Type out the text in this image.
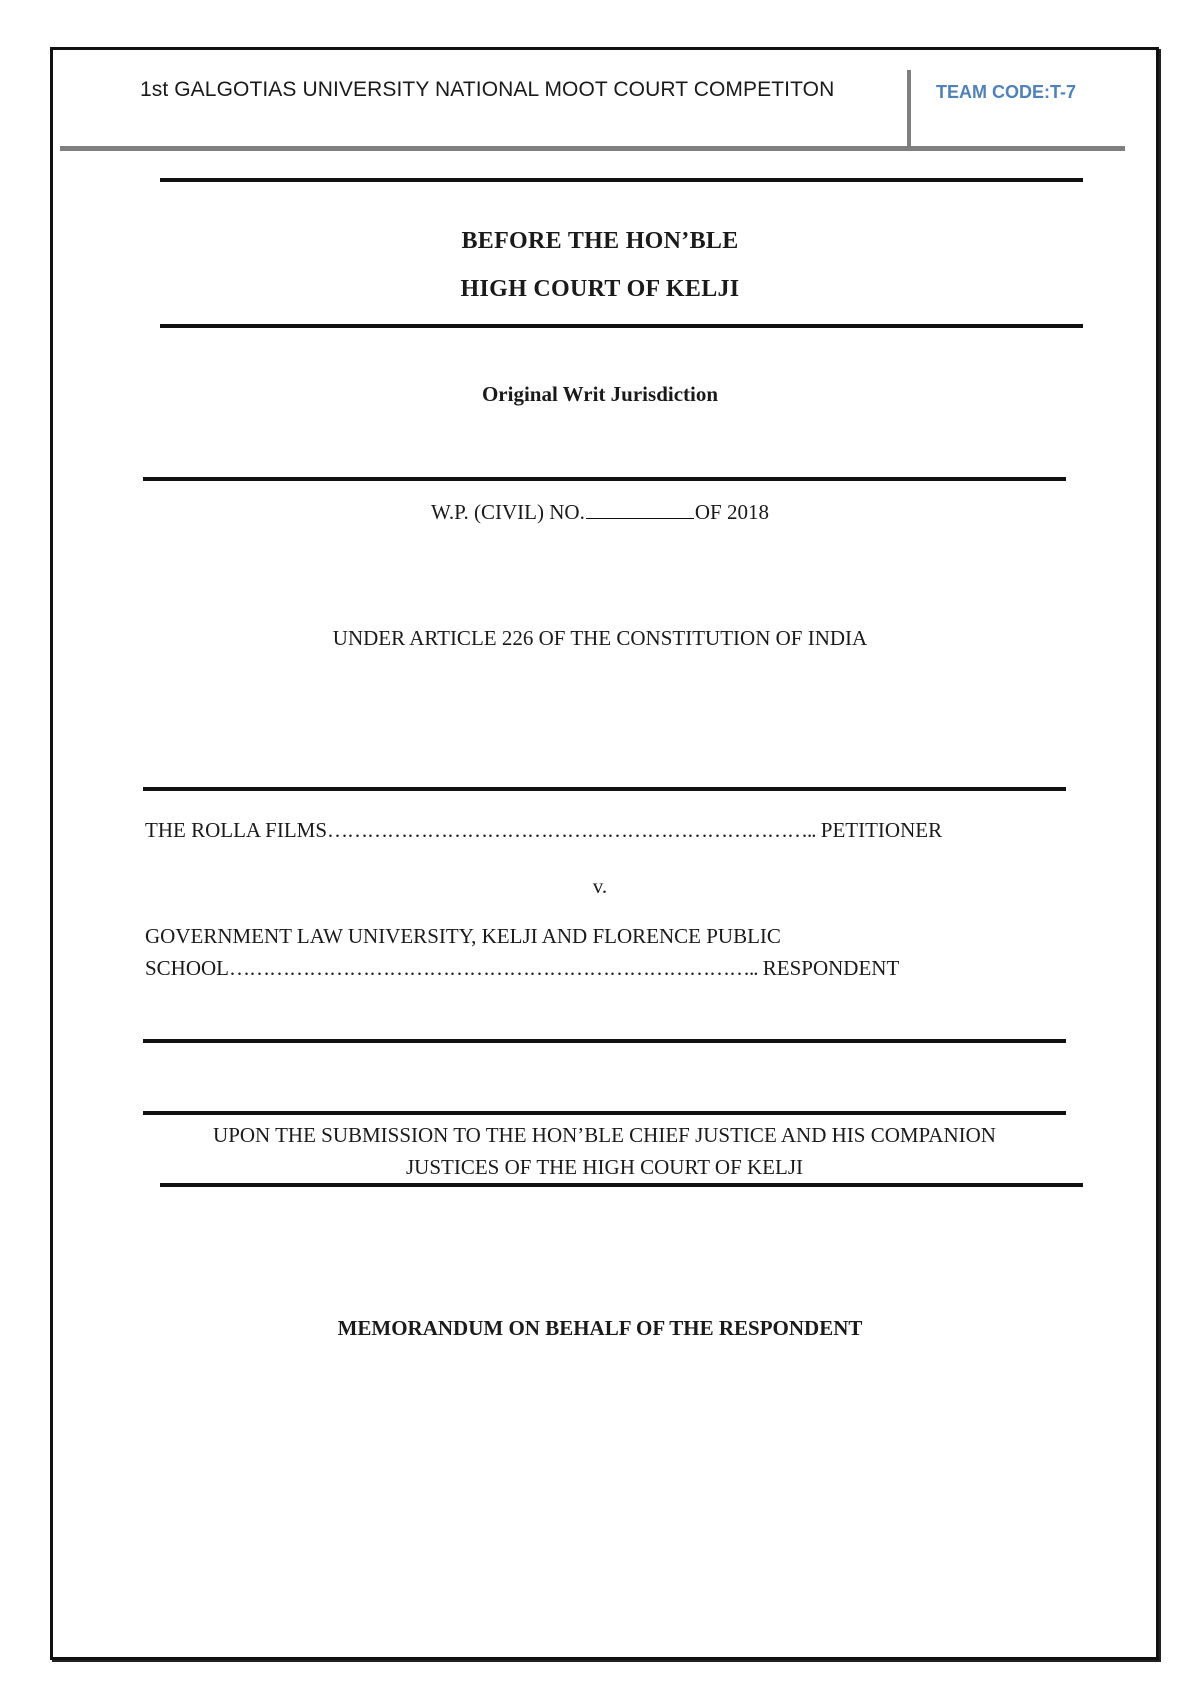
1st GALGOTIAS UNIVERSITY NATIONAL MOOT COURT COMPETITON	TEAM CODE:T-7
BEFORE THE HON’BLE
HIGH COURT OF KELJI
Original Writ Jurisdiction
W.P. (CIVIL) NO.	OF 2018
UNDER ARTICLE 226 OF THE CONSTITUTION OF INDIA
THE ROLLA FILMS……………………………………………………………….. PETITIONER
v.
GOVERNMENT LAW UNIVERSITY, KELJI AND FLORENCE PUBLIC
SCHOOL…………………………………………………………………….. RESPONDENT
UPON THE SUBMISSION TO THE HON’BLE CHIEF JUSTICE AND HIS COMPANION
JUSTICES OF THE HIGH COURT OF KELJI
MEMORANDUM ON BEHALF OF THE RESPONDENT
